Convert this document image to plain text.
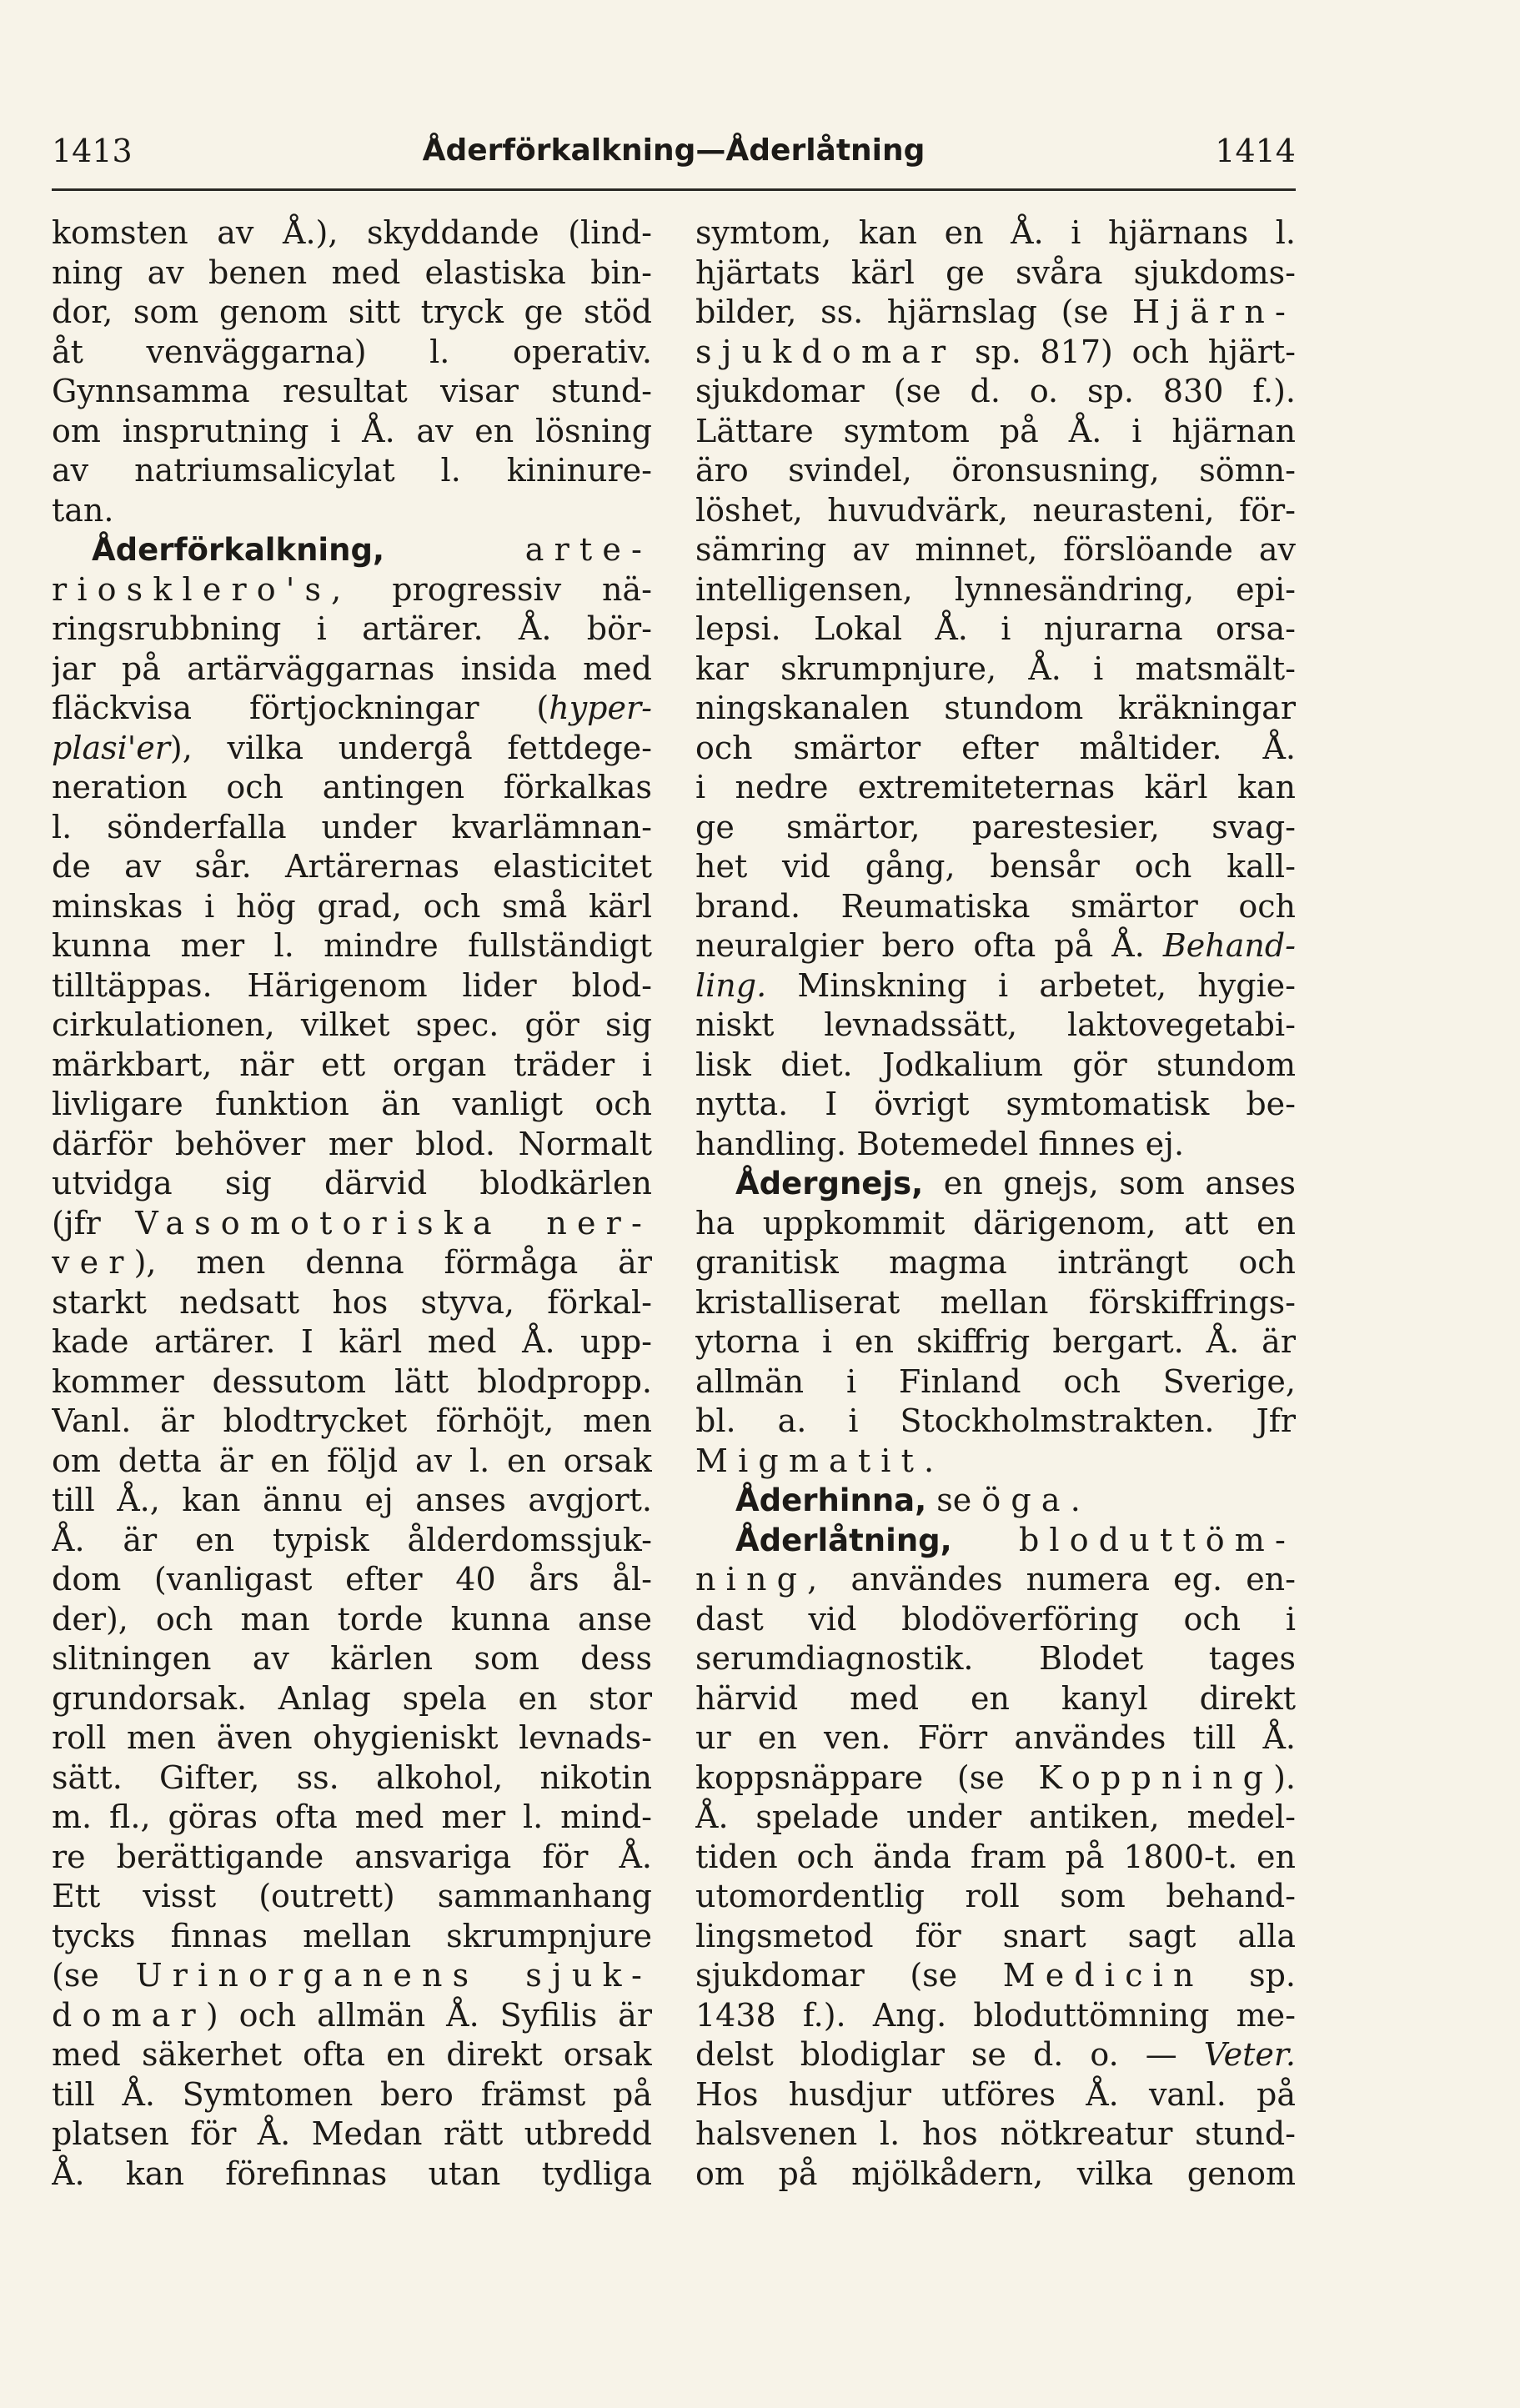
1413	Åderförkalkning—Åderlåtning	1414
komsten av Å.), skyddande (lind-
ning av benen med elastiska bin-
dor, som genom sitt tryck ge stöd
åt venväggarna) l. operativ.
Gynnsamma resultat visar stund-
om insprutning i Å. av en lösning
av natriumsalicylat l. kininure-
tan.
Åderförkalkning,	arte-
riosklero's, progressiv nä-
ringsrubbning i artärer. Å. bör-
jar på artärväggarnas insida med
fläckvisa förtjockningar (hyper-
plasi'er), vilka undergå fettdege-
neration och antingen förkalkas
l. sönderfalla under kvarlämnan-
de av sår. Artärernas elasticitet
minskas i hög grad, och små kärl
kunna mer l. mindre fullständigt
tilltäppas. Härigenom lider blod-
cirkulationen, vilket spec. gör sig
märkbart, när ett organ träder i
livligare funktion än vanligt och
därför behöver mer blod. Normalt
utvidga sig därvid blodkärlen
(jfr Vasomotoriska ner-
ver), men denna förmåga är
starkt nedsatt hos styva, förkal-
kade artärer. I kärl med Å. upp-
kommer dessutom lätt blodpropp.
Vanl. är blodtrycket förhöjt, men
om detta är en följd av l. en orsak
till Å., kan ännu ej anses avgjort.
Å. är en typisk ålderdomssjuk-
dom (vanligast efter 40 års ål-
der), och man torde kunna anse
slitningen av kärlen som dess
grundorsak. Anlag spela en stor
roll men även ohygieniskt levnads-
sätt. Gifter, ss. alkohol, nikotin
m. fl., göras ofta med mer l. mind-
re berättigande ansvariga för Å.
Ett visst (outrett) sammanhang
tycks finnas mellan skrumpnjure
(se Urinorganens sjuk-
domar) och allmän Å. Syfilis är
med säkerhet ofta en direkt orsak
till Å. Symtomen bero främst på
platsen för Å. Medan rätt utbredd
Å. kan förefinnas utan tydliga
symtom, kan en Å. i hjärnans l.
hjärtats kärl ge svåra sjukdoms-
bilder, ss. hjärnslag (se Hjärn-
sjukdomar sp. 817) och hjärt-
sjukdomar (se d. o. sp. 830 f.).
Lättare symtom på Å. i hjärnan
äro svindel, öronsusning, sömn-
löshet, huvudvärk, neurasteni, för-
sämring av minnet, förslöande av
intelligensen, lynnesändring, epi-
lepsi. Lokal Å. i njurarna orsa-
kar skrumpnjure, Å. i matsmält-
ningskanalen stundom kräkningar
och smärtor efter måltider. Å.
i nedre extremiteternas kärl kan
ge smärtor, parestesier, svag-
het vid gång, bensår och kall-
brand. Reumatiska smärtor och
neuralgier bero ofta på Å. Behand-
ling. Minskning i arbetet, hygie-
niskt levnadssätt, laktovegetabi-
lisk diet. Jodkalium gör stundom
nytta. I övrigt symtomatisk be-
handling. Botemedel finnes ej.
Ådergnejs, en gnejs, som anses
ha uppkommit därigenom, att en
granitisk magma inträngt och
kristalliserat mellan förskiffrings-
ytorna i en skiffrig bergart. Å. är
allmän i Finland och Sverige,
bl. a. i Stockholmstrakten. Jfr
Migmatit.
Åderhinna, se öga.
Åderlåtning, bloduttöm-
ning, användes numera eg. en-
dast vid blodöverföring och i
serumdiagnostik. Blodet tages
härvid med en kanyl direkt
ur en ven. Förr användes till Å.
koppsnäppare (se Koppning).
Å. spelade under antiken, medel-
tiden och ända fram på 1800-t. en
utomordentlig roll som behand-
lingsmetod för snart sagt alla
sjukdomar (se Medicin sp.
1438 f.). Ang. bloduttömning me-
delst blodiglar se d. o. — Veter.
Hos husdjur utföres Å. vanl. på
halsvenen l. hos nötkreatur stund-
om på mjölkådern, vilka genom
